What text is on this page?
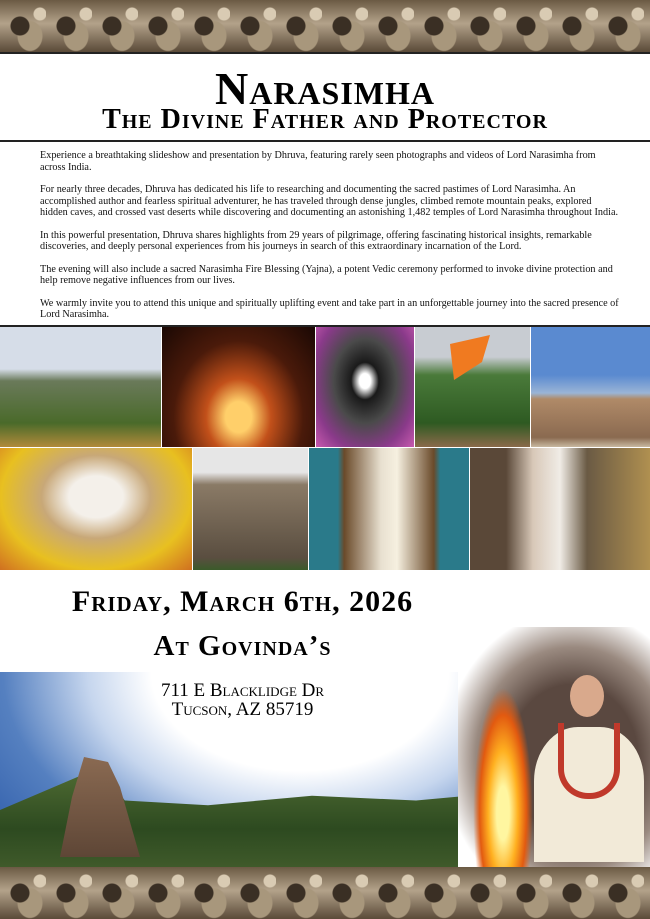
Narasimha
The Divine Father and Protector

Experience a breathtaking slideshow and presentation by Dhruva, featuring rarely seen photographs and videos of Lord Narasimha from across India.

For nearly three decades, Dhruva has dedicated his life to researching and documenting the sacred pastimes of Lord Narasimha. An accomplished author and fearless spiritual adventurer, he has traveled through dense jungles, climbed remote mountain peaks, explored hidden caves, and crossed vast deserts while discovering and documenting an astonishing 1,482 temples of Lord Narasimha throughout India.

In this powerful presentation, Dhruva shares highlights from 29 years of pilgrimage, offering fascinating historical insights, remarkable discoveries, and deeply personal experiences from his journeys in search of this extraordinary incarnation of the Lord.

The evening will also include a sacred Narasimha Fire Blessing (Yajna), a potent Vedic ceremony performed to invoke divine protection and help remove negative influences from our lives.

We warmly invite you to attend this unique and spiritually uplifting event and take part in an unforgettable journey into the sacred presence of Lord Narasimha.

Friday, March 6th, 2026
At Govinda’s

711 E Blacklidge Dr

Tucson, AZ 85719
